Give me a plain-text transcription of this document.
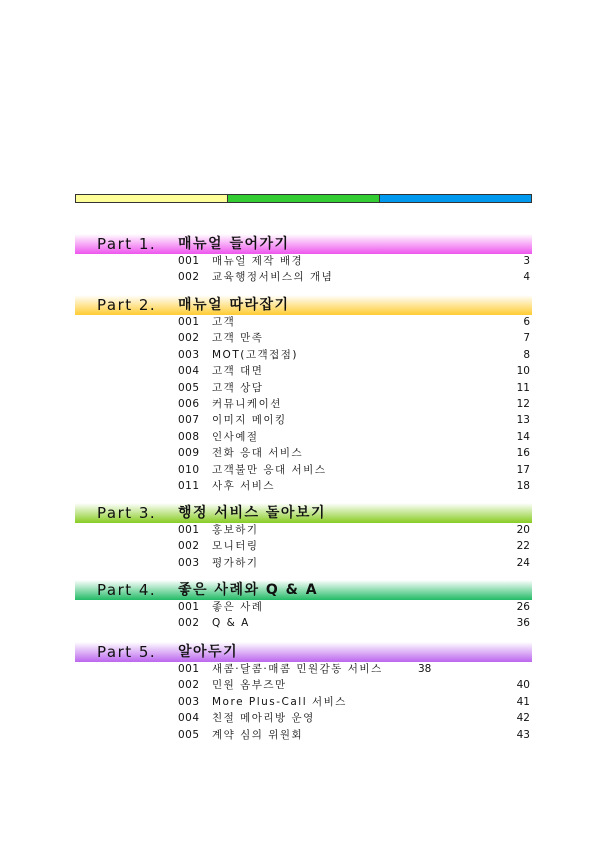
Part 1. 매뉴얼 들어가기
001 매뉴얼 제작 배경	3
002 교육행정서비스의 개념	4
Part 2. 매뉴얼 따라잡기
001 고객	6
002 고객 만족	7
003 MOT(고객접점)	8
004 고객 대면	10
005 고객 상담	11
006 커뮤니케이션	12
007 이미지 메이킹	13
008 인사예절	14
009 전화 응대 서비스	16
010 고객불만 응대 서비스	17
011 사후 서비스	18
Part 3. 행정 서비스 돌아보기
001 홍보하기	20
002 모니터링	22
003 평가하기	24
Part 4. 좋은 사례와 Q & A
001 좋은 사례	26
002 Q & A	36
Part 5. 알아두기
001 새콤·달콤·매콤 민원감동 서비스	38
002 민원 옴부즈만	40
003 More Plus-Call 서비스	41
004 친절 메아리방 운영	42
005 계약 심의 위원회	43
